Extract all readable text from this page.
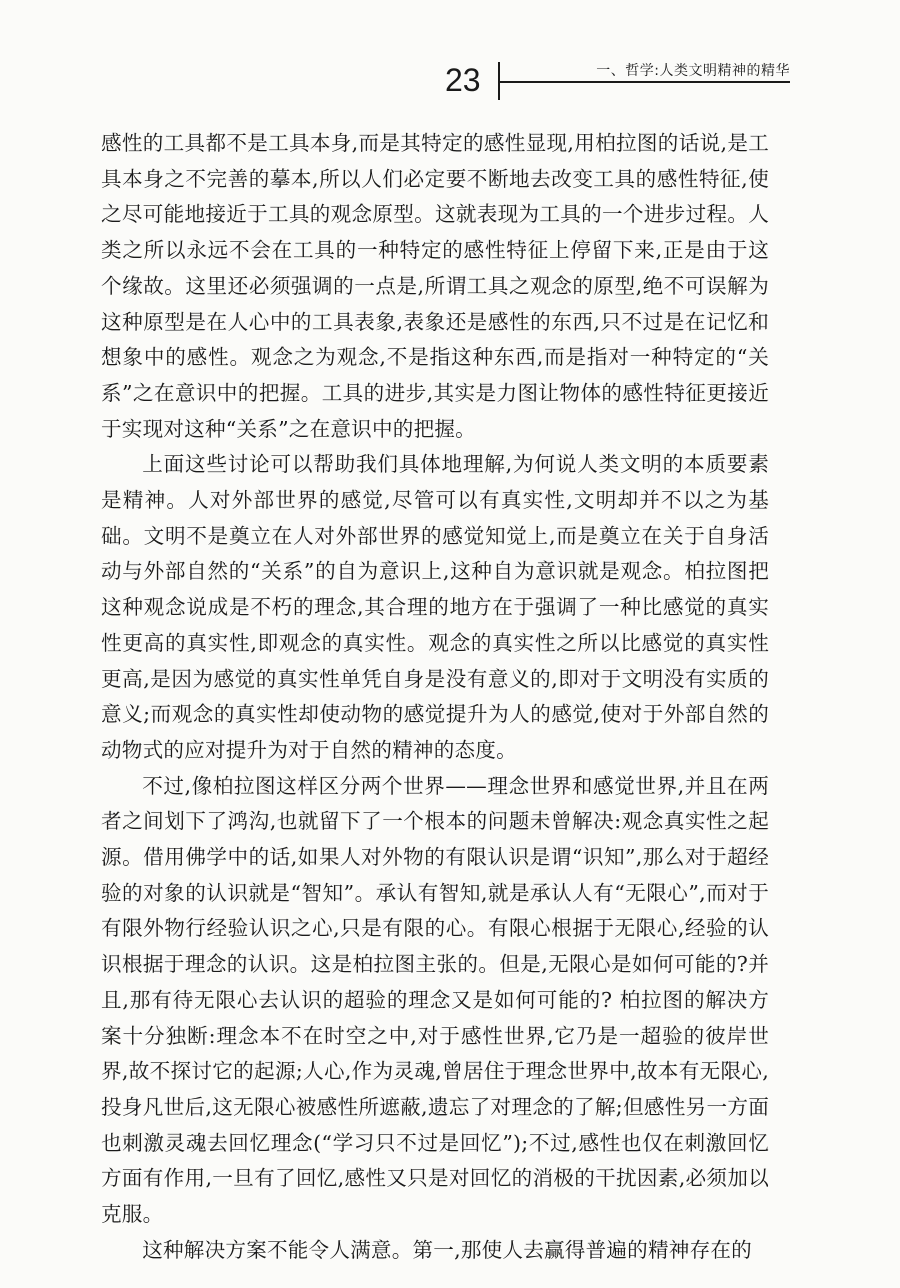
23	一、哲学:人类文明精神的精华

感性的工具都不是工具本身,而是其特定的感性显现,用柏拉图的话说,是工具本身之不完善的摹本,所以人们必定要不断地去改变工具的感性特征,使之尽可能地接近于工具的观念原型。这就表现为工具的一个进步过程。人类之所以永远不会在工具的一种特定的感性特征上停留下来,正是由于这个缘故。这里还必须强调的一点是,所谓工具之观念的原型,绝不可误解为这种原型是在人心中的工具表象,表象还是感性的东西,只不过是在记忆和想象中的感性。观念之为观念,不是指这种东西,而是指对一种特定的“关系”之在意识中的把握。工具的进步,其实是力图让物体的感性特征更接近于实现对这种“关系”之在意识中的把握。

上面这些讨论可以帮助我们具体地理解,为何说人类文明的本质要素是精神。人对外部世界的感觉,尽管可以有真实性,文明却并不以之为基础。文明不是奠立在人对外部世界的感觉知觉上,而是奠立在关于自身活动与外部自然的“关系”的自为意识上,这种自为意识就是观念。柏拉图把这种观念说成是不朽的理念,其合理的地方在于强调了一种比感觉的真实性更高的真实性,即观念的真实性。观念的真实性之所以比感觉的真实性更高,是因为感觉的真实性单凭自身是没有意义的,即对于文明没有实质的意义;而观念的真实性却使动物的感觉提升为人的感觉,使对于外部自然的动物式的应对提升为对于自然的精神的态度。

不过,像柏拉图这样区分两个世界——理念世界和感觉世界,并且在两者之间划下了鸿沟,也就留下了一个根本的问题未曾解决:观念真实性之起源。借用佛学中的话,如果人对外物的有限认识是谓“识知”,那么对于超经验的对象的认识就是“智知”。承认有智知,就是承认人有“无限心”,而对于有限外物行经验认识之心,只是有限的心。有限心根据于无限心,经验的认识根据于理念的认识。这是柏拉图主张的。但是,无限心是如何可能的?并且,那有待无限心去认识的超验的理念又是如何可能的? 柏拉图的解决方案十分独断:理念本不在时空之中,对于感性世界,它乃是一超验的彼岸世界,故不探讨它的起源;人心,作为灵魂,曾居住于理念世界中,故本有无限心,投身凡世后,这无限心被感性所遮蔽,遗忘了对理念的了解;但感性另一方面也刺激灵魂去回忆理念(“学习只不过是回忆”);不过,感性也仅在刺激回忆方面有作用,一旦有了回忆,感性又只是对回忆的消极的干扰因素,必须加以克服。

这种解决方案不能令人满意。第一,那使人去赢得普遍的精神存在的
